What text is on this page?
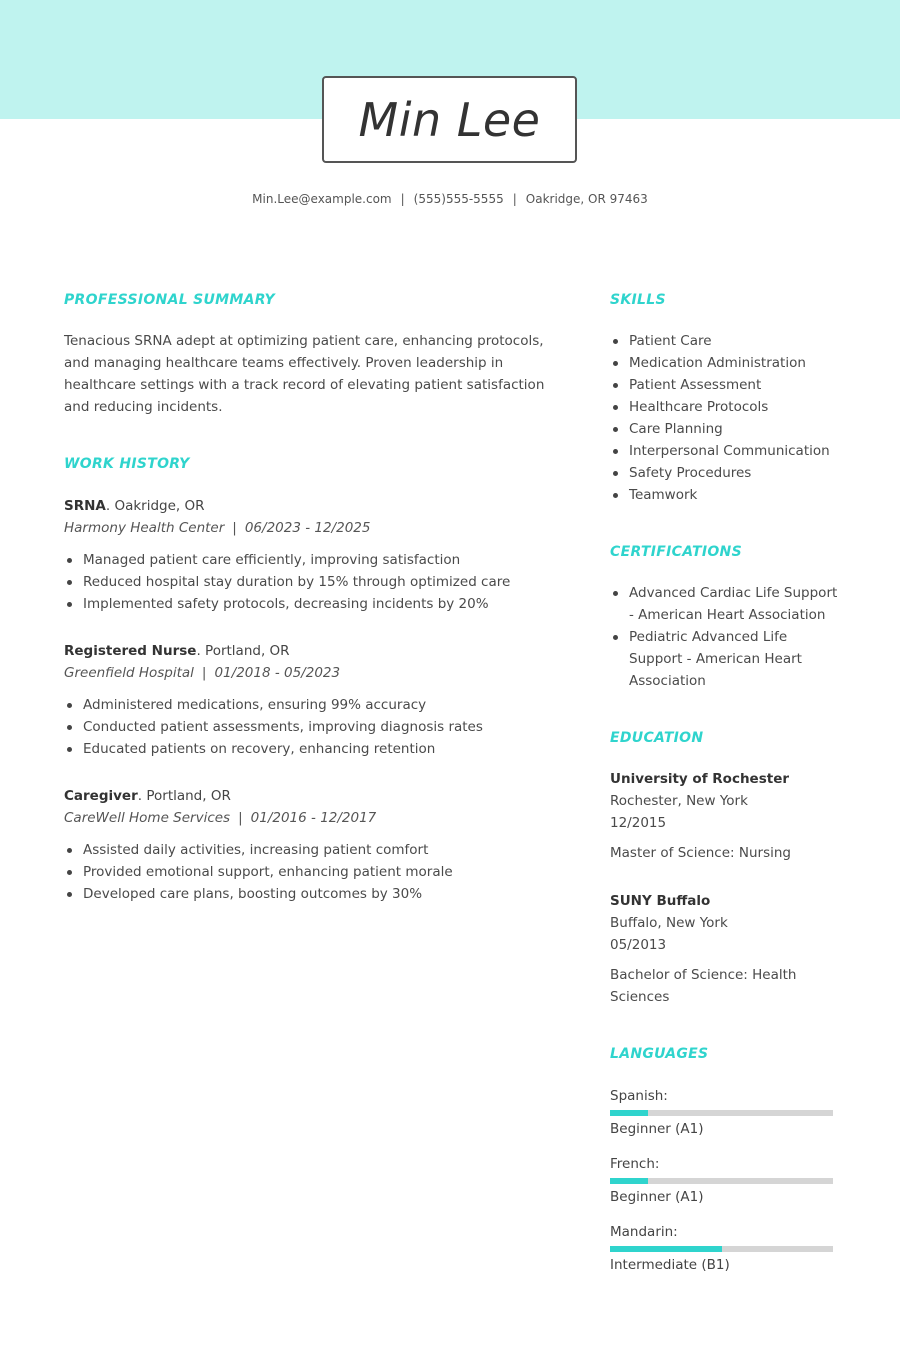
Min Lee
Min.Lee@example.com | (555)555-5555 | Oakridge, OR 97463
PROFESSIONAL SUMMARY

Tenacious SRNA adept at optimizing patient care, enhancing protocols, and managing healthcare teams effectively. Proven leadership in healthcare settings with a track record of elevating patient satisfaction and reducing incidents.

WORK HISTORY
SRNA. Oakridge, OR
Harmony Health Center | 06/2023 - 12/2025
Managed patient care efficiently, improving satisfaction
Reduced hospital stay duration by 15% through optimized care
Implemented safety protocols, decreasing incidents by 20%
Registered Nurse. Portland, OR
Greenfield Hospital | 01/2018 - 05/2023
Administered medications, ensuring 99% accuracy
Conducted patient assessments, improving diagnosis rates
Educated patients on recovery, enhancing retention
Caregiver. Portland, OR
CareWell Home Services | 01/2016 - 12/2017
Assisted daily activities, increasing patient comfort
Provided emotional support, enhancing patient morale
Developed care plans, boosting outcomes by 30%
SKILLS
Patient Care
Medication Administration
Patient Assessment
Healthcare Protocols
Care Planning
Interpersonal Communication
Safety Procedures
Teamwork
CERTIFICATIONS
Advanced Cardiac Life Support - American Heart Association
Pediatric Advanced Life Support - American Heart Association
EDUCATION
University of Rochester
Rochester, New York
12/2015
Master of Science: Nursing
SUNY Buffalo
Buffalo, New York
05/2013
Bachelor of Science: Health Sciences
LANGUAGES
Spanish:
Beginner (A1)
French:
Beginner (A1)
Mandarin:
Intermediate (B1)
